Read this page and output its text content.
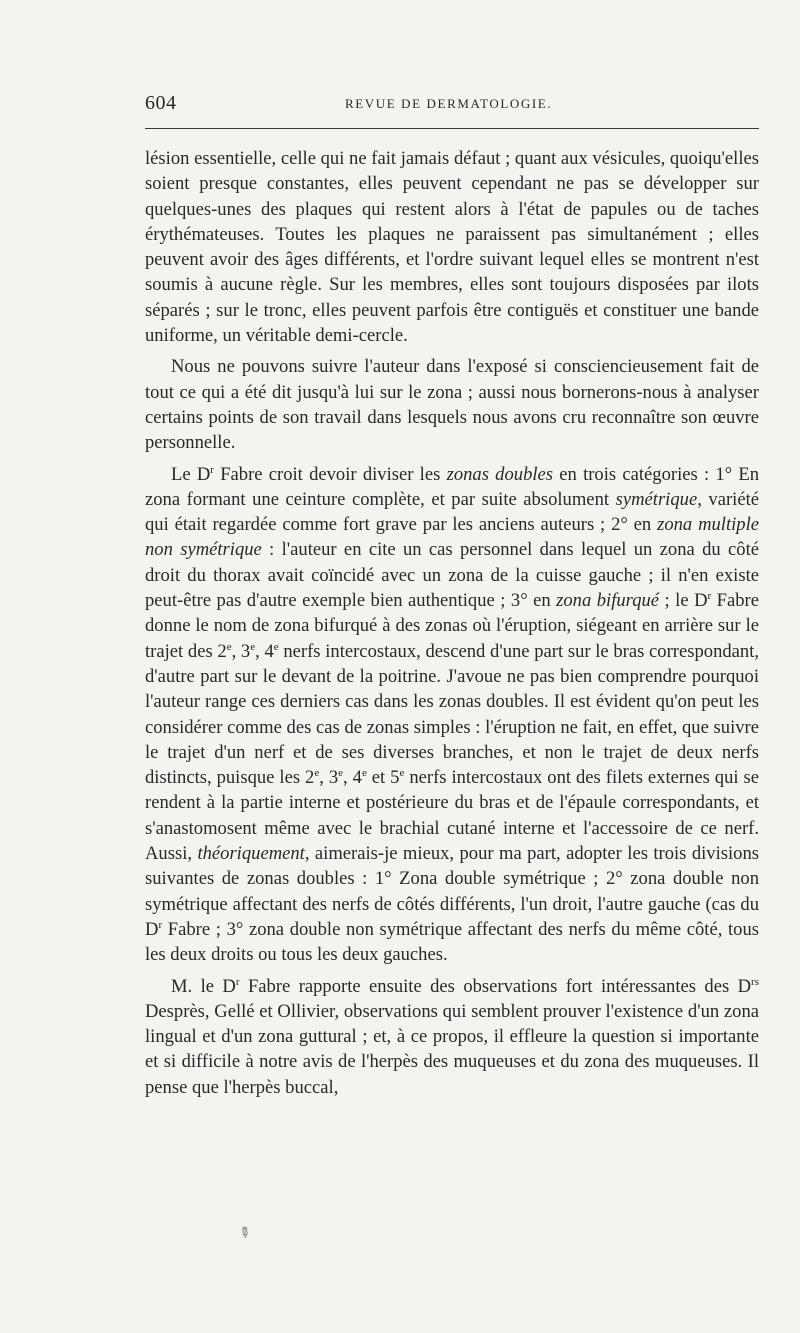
604	REVUE DE DERMATOLOGIE.

lésion essentielle, celle qui ne fait jamais défaut ; quant aux vésicules, quoiqu'elles soient presque constantes, elles peuvent cependant ne pas se développer sur quelques-unes des plaques qui restent alors à l'état de papules ou de taches érythémateuses. Toutes les plaques ne paraissent pas simultanément ; elles peuvent avoir des âges différents, et l'ordre suivant lequel elles se montrent n'est soumis à aucune règle. Sur les membres, elles sont toujours disposées par ilots séparés ; sur le tronc, elles peuvent parfois être contiguës et constituer une bande uniforme, un véritable demi-cercle.

Nous ne pouvons suivre l'auteur dans l'exposé si consciencieusement fait de tout ce qui a été dit jusqu'à lui sur le zona ; aussi nous bornerons-nous à analyser certains points de son travail dans lesquels nous avons cru reconnaître son œuvre personnelle.

Le $D^r$ Fabre croit devoir diviser les zonas doubles en trois catégories : 1° En zona formant une ceinture complète, et par suite absolument symétrique, variété qui était regardée comme fort grave par les anciens auteurs ; 2° en zona multiple non symétrique : l'auteur en cite un cas personnel dans lequel un zona du côté droit du thorax avait coïncidé avec un zona de la cuisse gauche ; il n'en existe peut-être pas d'autre exemple bien authentique ; 3° en zona bifurqué ; le $D^r$ Fabre donne le nom de zona bifurqué à des zonas où l'éruption, siégeant en arrière sur le trajet des 2e, 3e, 4e nerfs intercostaux, descend d'une part sur le bras correspondant, d'autre part sur le devant de la poitrine. J'avoue ne pas bien comprendre pourquoi l'auteur range ces derniers cas dans les zonas doubles. Il est évident qu'on peut les considérer comme des cas de zonas simples : l'éruption ne fait, en effet, que suivre le trajet d'un nerf et de ses diverses branches, et non le trajet de deux nerfs distincts, puisque les 2e, 3e, 4e et 5e nerfs intercostaux ont des filets externes qui se rendent à la partie interne et postérieure du bras et de l'épaule correspondants, et s'anastomosent même avec le brachial cutané interne et l'accessoire de ce nerf. Aussi, théoriquement, aimerais-je mieux, pour ma part, adopter les trois divisions suivantes de zonas doubles : 1° Zona double symétrique ; 2° zona double non symétrique affectant des nerfs de côtés différents, l'un droit, l'autre gauche (cas du $D^r$ Fabre ; 3° zona double non symétrique affectant des nerfs du même côté, tous les deux droits ou tous les deux gauches.

M. le $D^r$ Fabre rapporte ensuite des observations fort intéressantes des $D^{rs}$ Desprès, Gellé et Ollivier, observations qui semblent prouver l'existence d'un zona lingual et d'un zona guttural ; et, à ce propos, il effleure la question si importante et si difficile à notre avis de l'herpès des muqueuses et du zona des muqueuses. Il pense que l'herpès buccal,

✎
